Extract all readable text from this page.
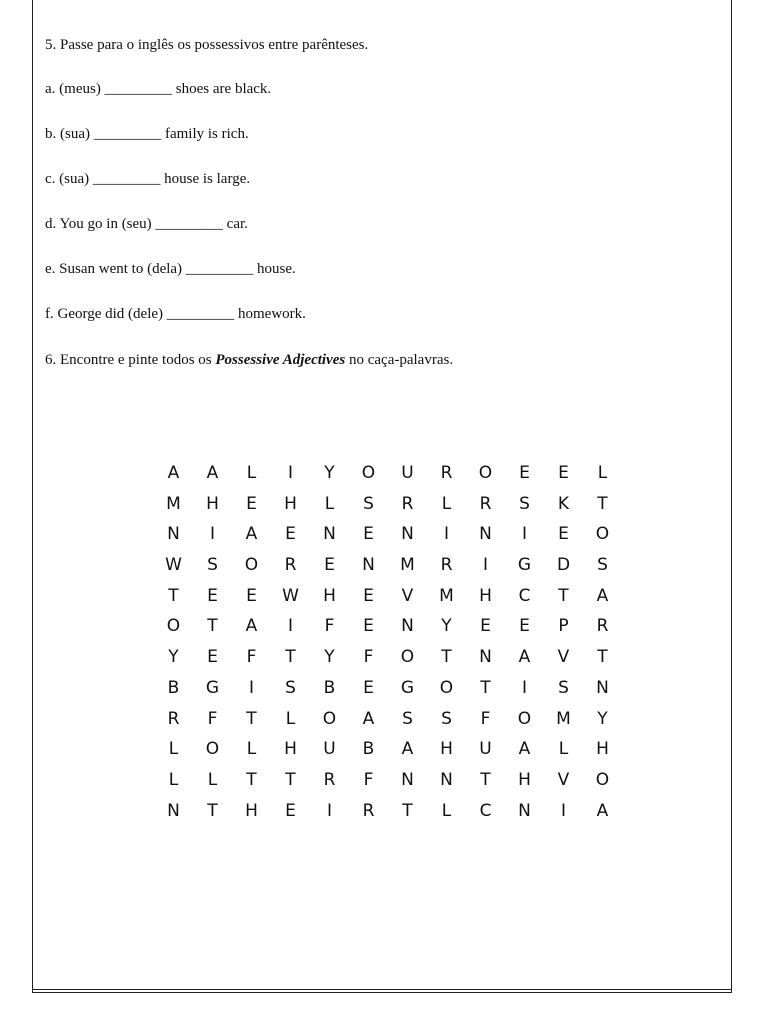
5. Passe para o inglês os possessivos entre parênteses.
a. (meus) _________ shoes are black.
b. (sua) _________ family is rich.
c. (sua) _________ house is large.
d. You go in (seu) _________ car.
e. Susan went to (dela) _________ house.
f. George did (dele) _________ homework.
6. Encontre e pinte todos os Possessive Adjectives no caça-palavras.
A	A	L	I	Y	O	U	R	O	E	E	L
M	H	E	H	L	S	R	L	R	S	K	T
N	I	A	E	N	E	N	I	N	I	E	O
W	S	O	R	E	N	M	R	I	G	D	S
T	E	E	W	H	E	V	M	H	C	T	A
O	T	A	I	F	E	N	Y	E	E	P	R
Y	E	F	T	Y	F	O	T	N	A	V	T
B	G	I	S	B	E	G	O	T	I	S	N
R	F	T	L	O	A	S	S	F	O	M	Y
L	O	L	H	U	B	A	H	U	A	L	H
L	L	T	T	R	F	N	N	T	H	V	O
N	T	H	E	I	R	T	L	C	N	I	A
